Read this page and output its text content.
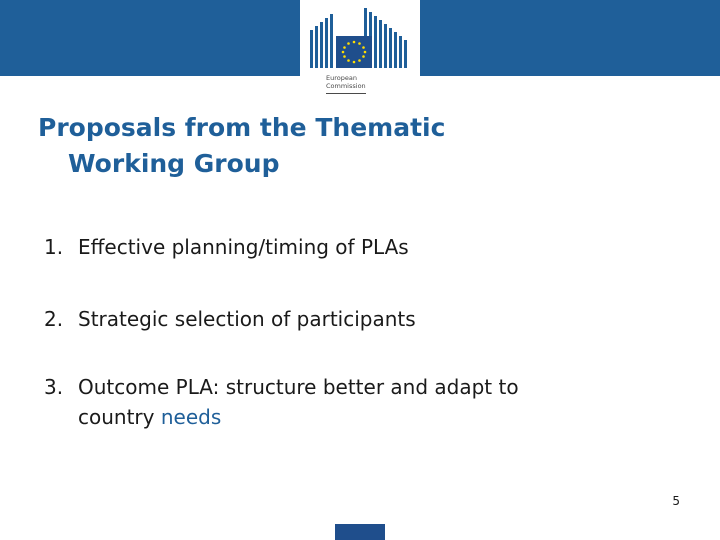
European
Commission
Proposals from the Thematic
Working Group
1. Effective planning/timing of PLAs
2. Strategic selection of participants
3. Outcome PLA: structure better and adapt to
country needs
5
